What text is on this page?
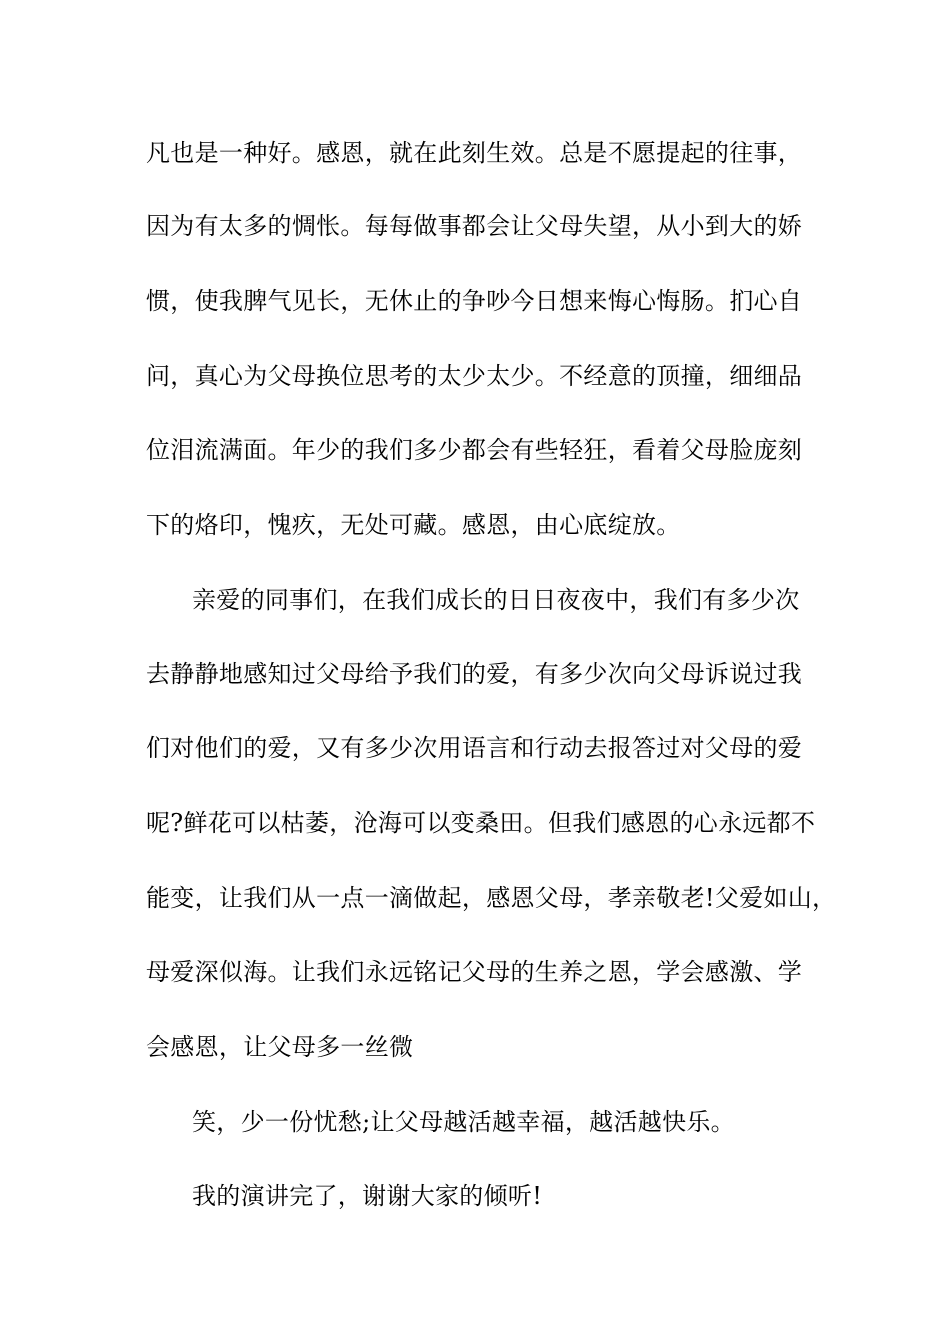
凡也是一种好。感恩，就在此刻生效。总是不愿提起的往事，
因为有太多的惆怅。每每做事都会让父母失望，从小到大的娇
惯，使我脾气见长，无休止的争吵今日想来悔心悔肠。扪心自
问，真心为父母换位思考的太少太少。不经意的顶撞，细细品
位泪流满面。年少的我们多少都会有些轻狂，看着父母脸庞刻
下的烙印，愧疚，无处可藏。感恩，由心底绽放。
亲爱的同事们，在我们成长的日日夜夜中，我们有多少次
去静静地感知过父母给予我们的爱，有多少次向父母诉说过我
们对他们的爱，又有多少次用语言和行动去报答过对父母的爱
呢?鲜花可以枯萎，沧海可以变桑田。但我们感恩的心永远都不
能变，让我们从一点一滴做起，感恩父母，孝亲敬老!父爱如山，
母爱深似海。让我们永远铭记父母的生养之恩，学会感激、学
会感恩，让父母多一丝微
笑，少一份忧愁;让父母越活越幸福，越活越快乐。
我的演讲完了，谢谢大家的倾听!
